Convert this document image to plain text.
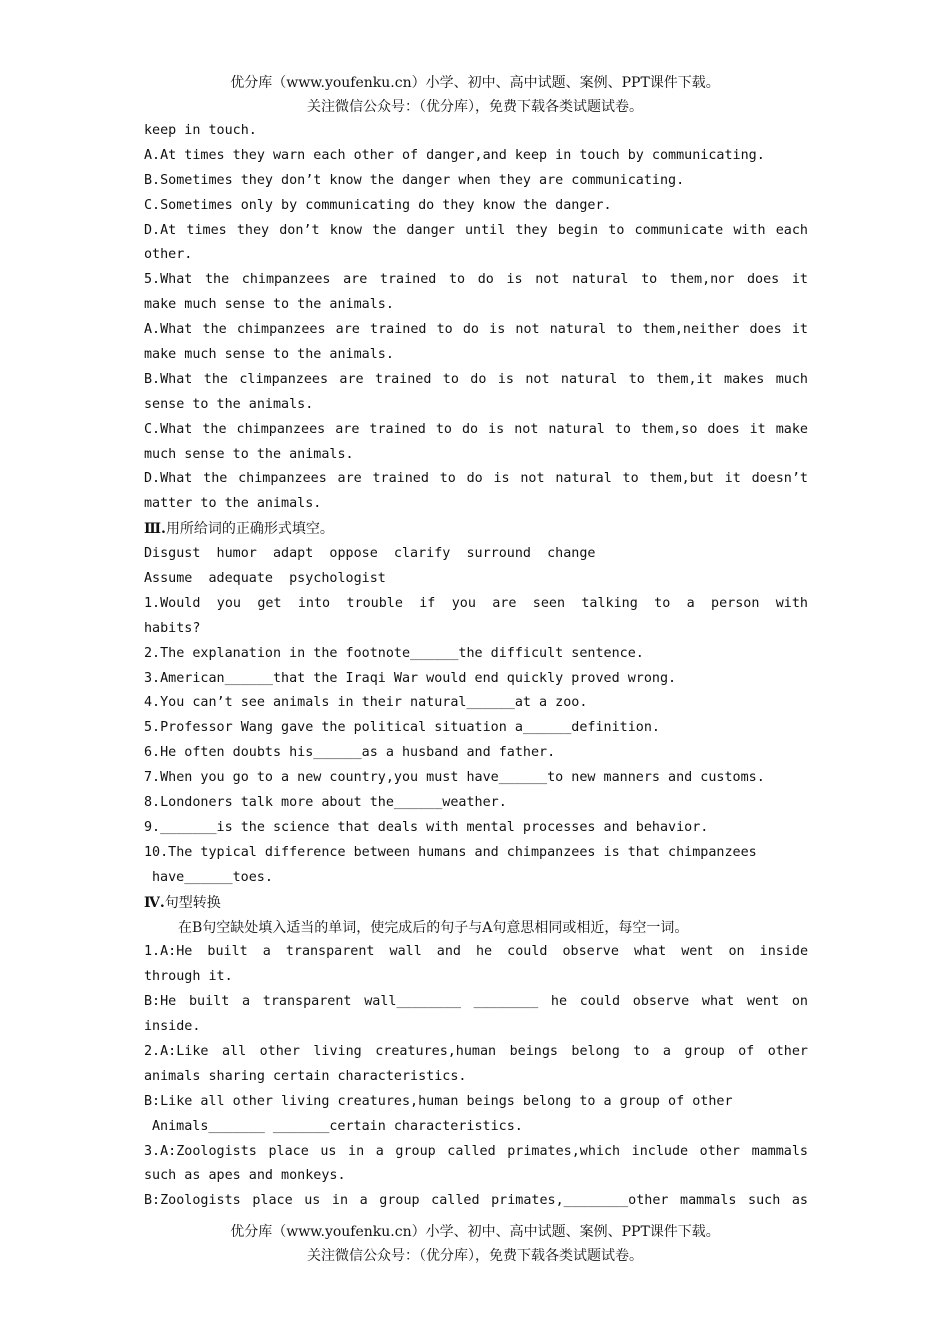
优分库（www.youfenku.cn）小学、初中、高中试题、案例、PPT课件下载。
关注微信公众号：（优分库），免费下载各类试题试卷。
keep in touch.
A.At times they warn each other of danger,and keep in touch by communicating.
B.Sometimes they don’t know the danger when they are communicating.
C.Sometimes only by communicating do they know the danger.
D.At times they don’t know the danger until they begin to communicate with each
other.
5.What the chimpanzees are trained to do is not natural to them,nor does it
make much sense to the animals.
A.What the chimpanzees are trained to do is not natural to them,neither does it
make much sense to the animals.
B.What the climpanzees are trained to do is not natural to them,it makes much
sense to the animals.
C.What the chimpanzees are trained to do is not natural to them,so does it make
much sense to the animals.
D.What the chimpanzees are trained to do is not natural to them,but it doesn’t
matter to the animals.
Ⅲ.用所给词的正确形式填空。
Disgust  humor  adapt  oppose  clarify  surround  change
Assume  adequate  psychologist
1.Would you get into trouble if you are seen talking to a person with
habits?
2.The explanation in the footnote______the difficult sentence.
3.American______that the Iraqi War would end quickly proved wrong.
4.You can’t see animals in their natural______at a zoo.
5.Professor Wang gave the political situation a______definition.
6.He often doubts his______as a husband and father.
7.When you go to a new country,you must have______to new manners and customs.
8.Londoners talk more about the______weather.
9._______is the science that deals with mental processes and behavior.
10.The typical difference between humans and chimpanzees is that chimpanzees
have______toes.
Ⅳ.句型转换
在B句空缺处填入适当的单词，使完成后的句子与A句意思相同或相近，每空一词。
1.A:He built a transparent wall and he could observe what went on inside
through it.
B:He built a transparent wall________ ________ he could observe what went on
inside.
2.A:Like all other living creatures,human beings belong to a group of other
animals sharing certain characteristics.
B:Like all other living creatures,human beings belong to a group of other
Animals_______ _______certain characteristics.
3.A:Zoologists place us in a group called primates,which include other mammals
such as apes and monkeys.
B:Zoologists place us in a group called primates,________other mammals such as
优分库（www.youfenku.cn）小学、初中、高中试题、案例、PPT课件下载。
关注微信公众号：（优分库），免费下载各类试题试卷。
